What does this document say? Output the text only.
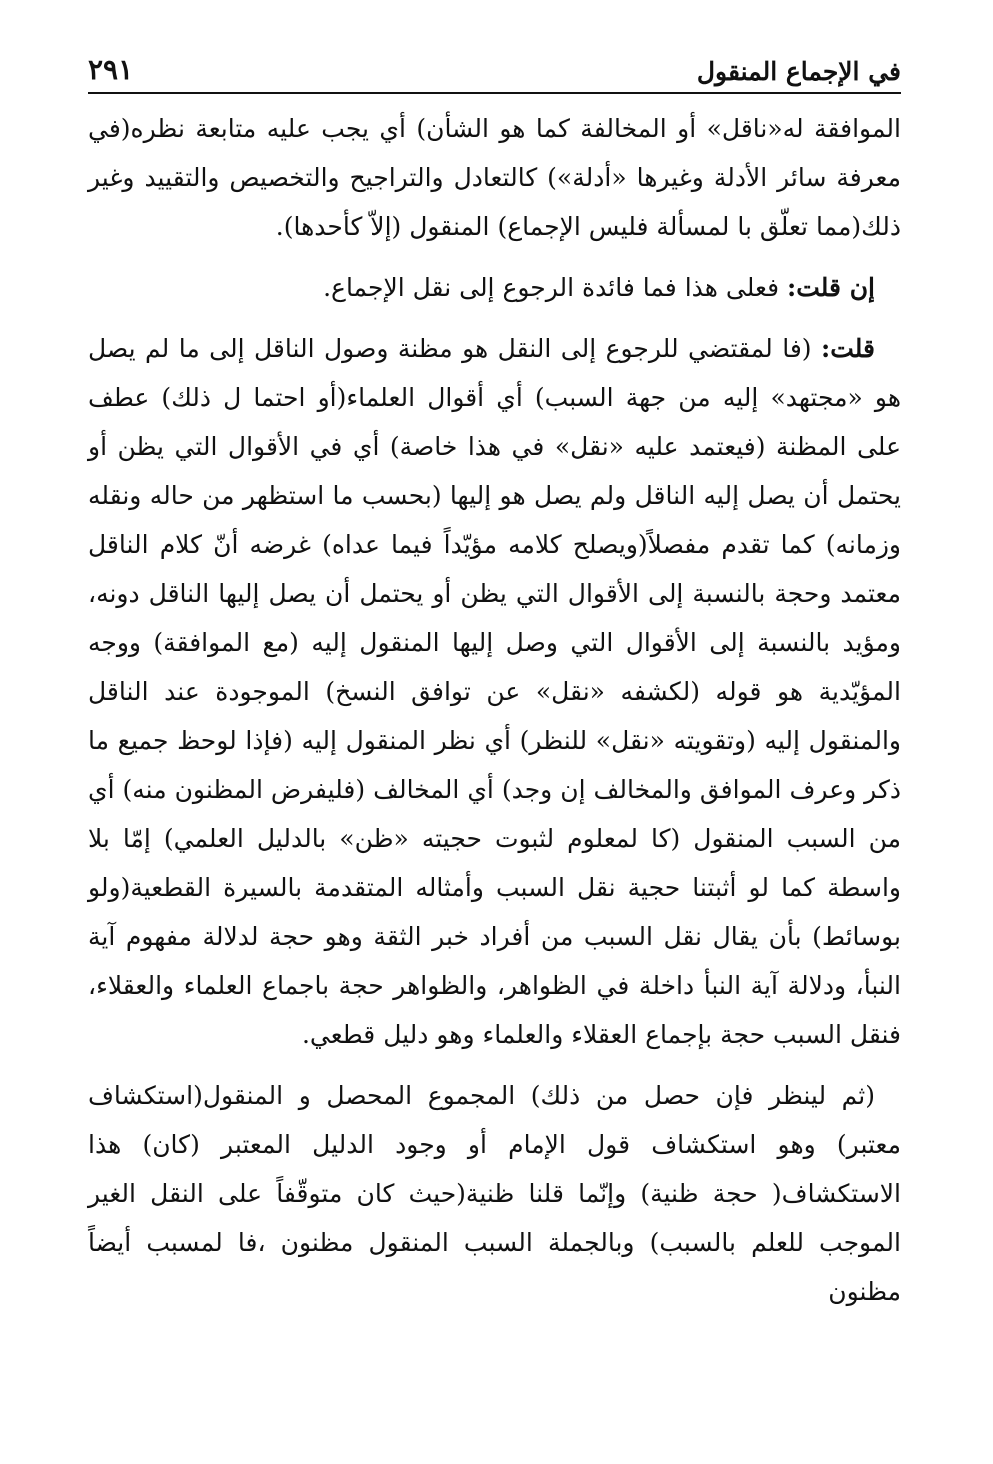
في الإجماع المنقول
٢٩١

الموافقة له«ناقل» أو المخالفة كما هو الشأن) أي يجب عليه متابعة نظره(في معرفة سائر الأدلة وغيرها «أدلة») كالتعادل والتراجيح والتخصيص والتقييد وغير ذلك(مما تعلّق با لمسألة فليس الإجماع) المنقول (إلاّ كأحدها).

إن قلت: فعلى هذا فما فائدة الرجوع إلى نقل الإجماع.

قلت: (فا لمقتضي للرجوع إلى النقل هو مظنة وصول الناقل إلى ما لم يصل هو «مجتهد» إليه من جهة السبب) أي أقوال العلماء(أو احتما ل ذلك) عطف على المظنة (فيعتمد عليه «نقل» في هذا خاصة) أي في الأقوال التي يظن أو يحتمل أن يصل إليه الناقل ولم يصل هو إليها (بحسب ما استظهر من حاله ونقله وزمانه) كما تقدم مفصلاً(ويصلح كلامه مؤيّداً فيما عداه) غرضه أنّ كلام الناقل معتمد وحجة بالنسبة إلى الأقوال التي يظن أو يحتمل أن يصل إليها الناقل دونه، ومؤيد بالنسبة إلى الأقوال التي وصل إليها المنقول إليه (مع الموافقة) ووجه المؤيّدية هو قوله (لكشفه «نقل» عن توافق النسخ) الموجودة عند الناقل والمنقول إليه (وتقويته «نقل» للنظر) أي نظر المنقول إليه (فإذا لوحظ جميع ما ذكر وعرف الموافق والمخالف إن وجد) أي المخالف (فليفرض المظنون منه) أي من السبب المنقول (كا لمعلوم لثبوت حجيته «ظن» بالدليل العلمي) إمّا بلا واسطة كما لو أثبتنا حجية نقل السبب وأمثاله المتقدمة بالسيرة القطعية(ولو بوسائط) بأن يقال نقل السبب من أفراد خبر الثقة وهو حجة لدلالة مفهوم آية النبأ، ودلالة آية النبأ داخلة في الظواهر، والظواهر حجة باجماع العلماء والعقلاء، فنقل السبب حجة بإجماع العقلاء والعلماء وهو دليل قطعي.

(ثم لينظر فإن حصل من ذلك) المجموع المحصل و المنقول(استكشاف معتبر) وهو استكشاف قول الإمام أو وجود الدليل المعتبر (كان) هذا الاستكشاف( حجة ظنية) وإنّما قلنا ظنية(حيث كان متوقّفاً على النقل الغير الموجب للعلم بالسبب) وبالجملة السبب المنقول مظنون ،فا لمسبب أيضاً مظنون
